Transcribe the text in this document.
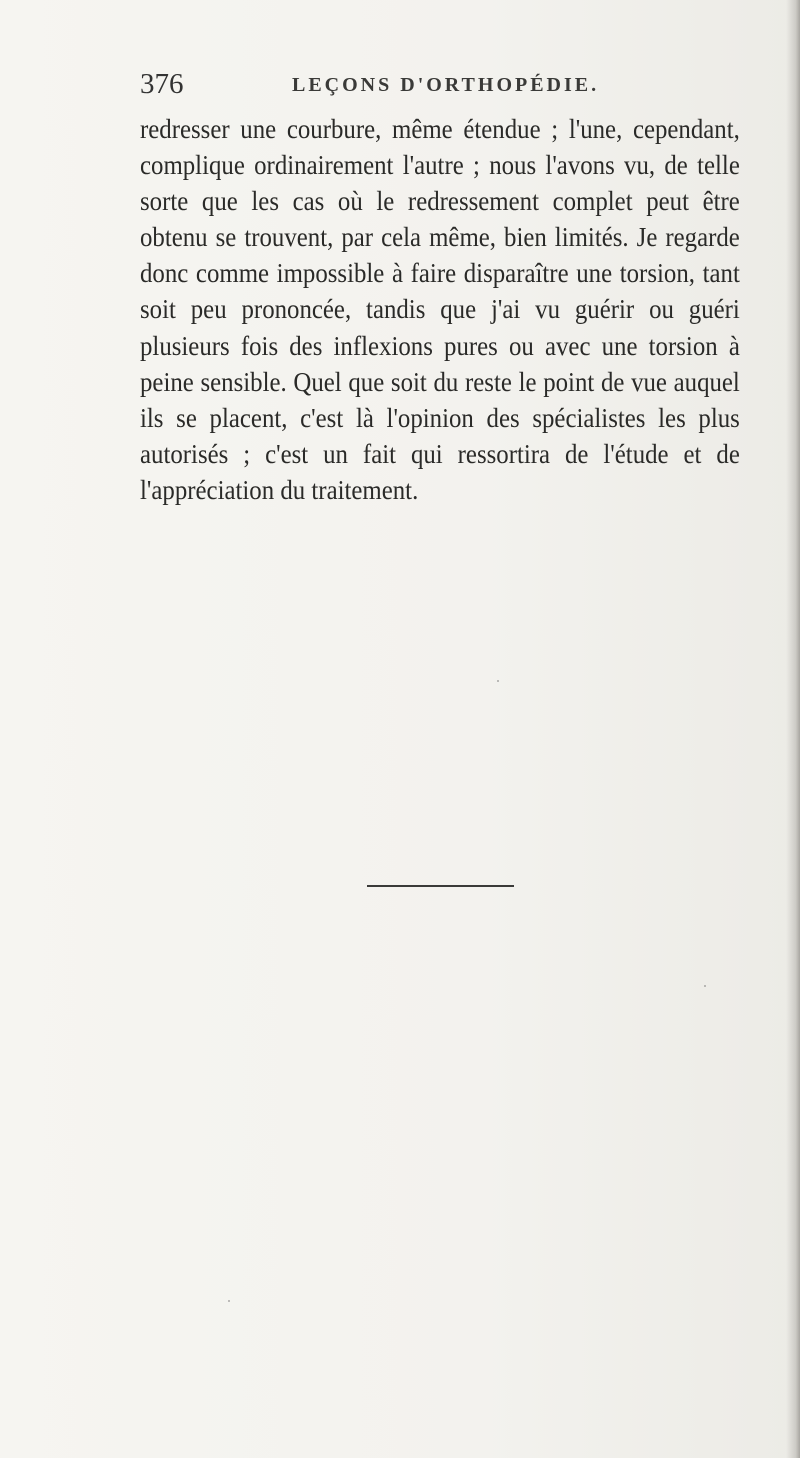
376	LEÇONS D'ORTHOPÉDIE.

redresser une courbure, même étendue ; l'une, cependant, complique ordinairement l'autre ; nous l'avons vu, de telle sorte que les cas où le redressement complet peut être obtenu se trouvent, par cela même, bien limités. Je regarde donc comme impossible à faire disparaître une torsion, tant soit peu prononcée, tandis que j'ai vu guérir ou guéri plusieurs fois des inflexions pures ou avec une torsion à peine sensible. Quel que soit du reste le point de vue auquel ils se placent, c'est là l'opinion des spécialistes les plus autorisés ; c'est un fait qui ressortira de l'étude et de l'appréciation du traitement.
